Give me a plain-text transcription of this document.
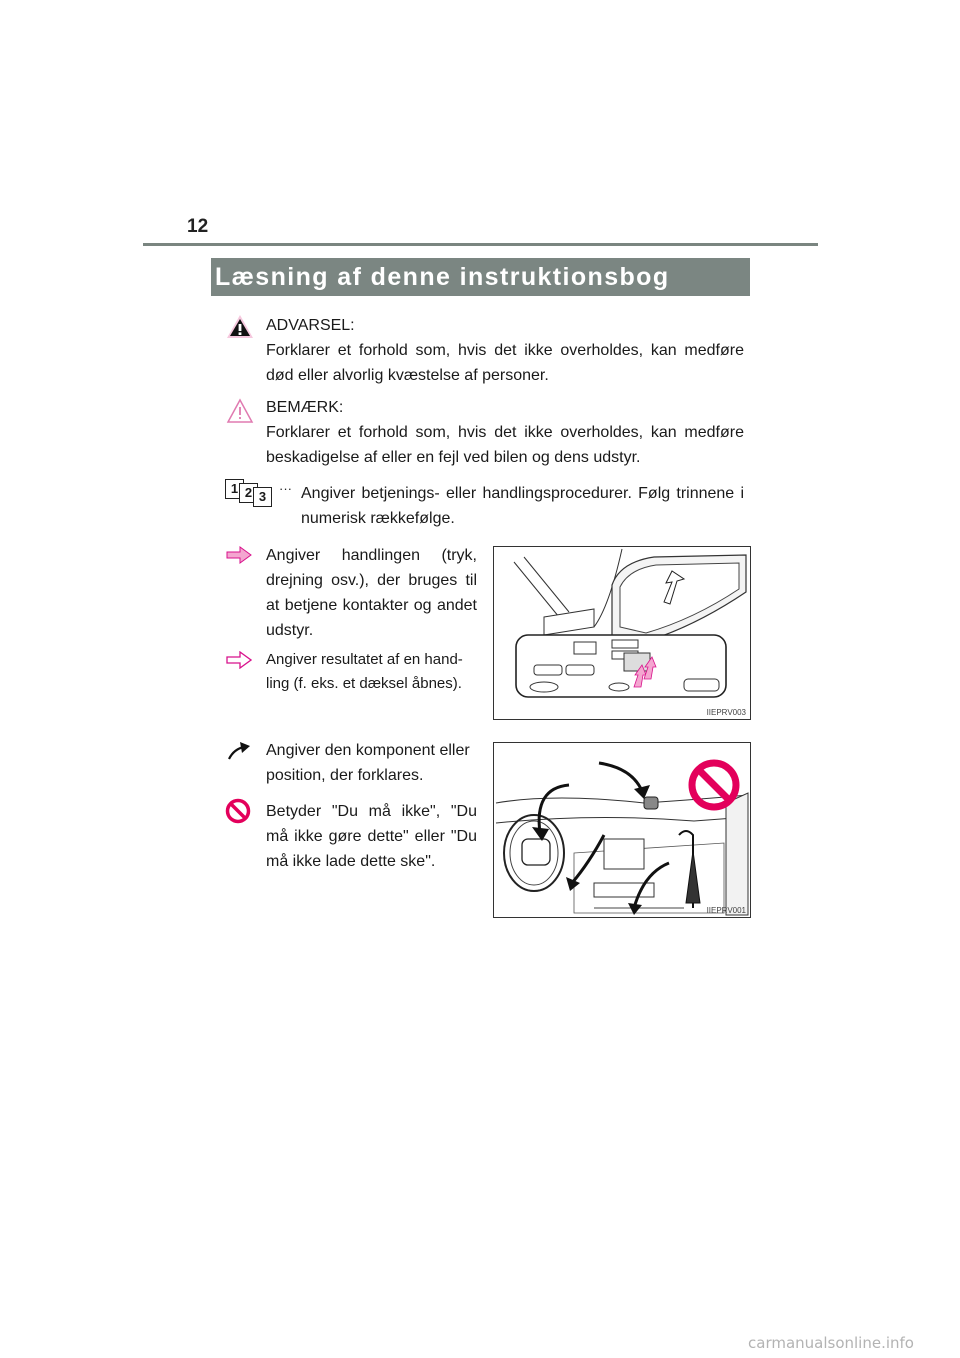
12
Læsning af denne instruktionsbog
ADVARSEL:
Forklarer et forhold som, hvis det ikke overholdes, kan medføre død eller alvorlig kvæstelse af personer.
BEMÆRK:
Forklarer et forhold som, hvis det ikke overholdes, kan medføre beskadigelse af eller en fejl ved bilen og dens udstyr.
1 2 3
··· Angiver betjenings- eller handlingsprocedurer. Følg trinnene i numerisk rækkefølge.
Angiver handlingen (tryk, drejning osv.), der bruges til at betjene kontakter og andet udstyr.
Angiver resultatet af en hand-ling (f. eks. et dæksel åbnes).
IIEPRV003
Angiver den komponent eller position, der forklares.
Betyder "Du må ikke", "Du må ikke gøre dette" eller "Du må ikke lade dette ske".
IIEPRV001
carmanualsonline.info
